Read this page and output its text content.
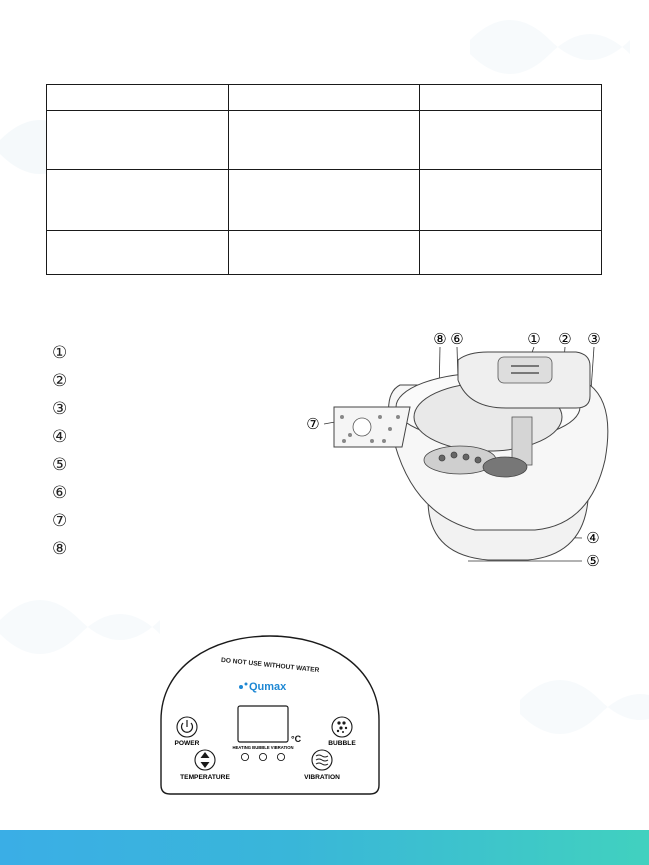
①
②
③
④
⑤
⑥
⑦
⑧
⑧ ⑥	① ② ③
⑦
④
⑤
DO NOT USE WITHOUT WATER
Qumax
°C
POWER	BUBBLE
HEATING BUBBLE VIBRATION
TEMPERATURE	VIBRATION
